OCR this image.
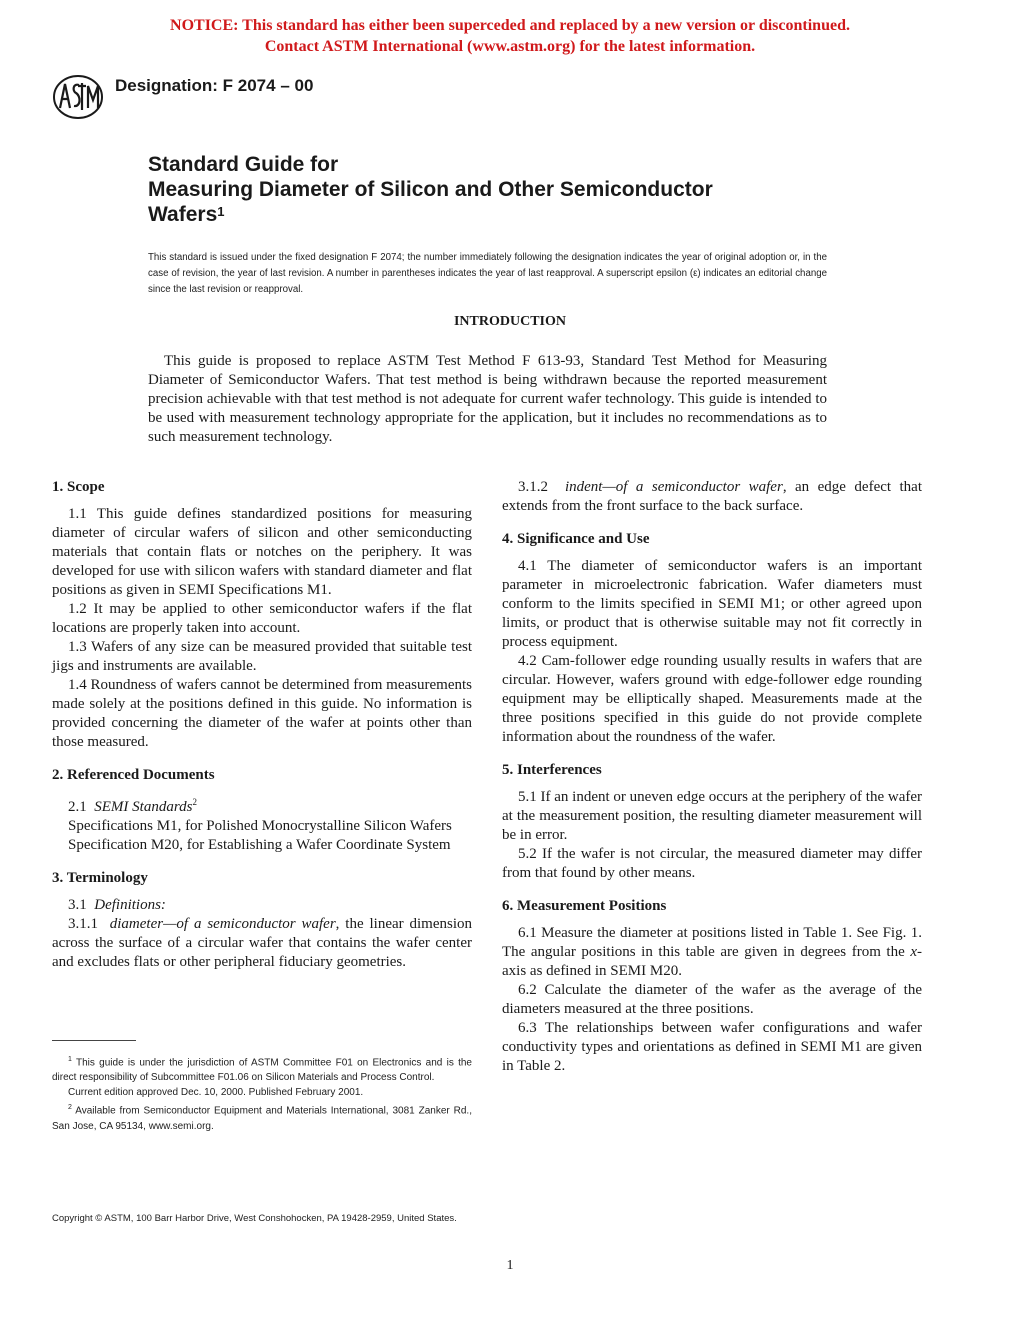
NOTICE: This standard has either been superceded and replaced by a new version or discontinued.
Contact ASTM International (www.astm.org) for the latest information.
Designation: F 2074 – 00
Standard Guide for
Measuring Diameter of Silicon and Other Semiconductor
Wafers$^1$
This standard is issued under the fixed designation F 2074; the number immediately following the designation indicates the year of original adoption or, in the case of revision, the year of last revision. A number in parentheses indicates the year of last reapproval. A superscript epsilon (ε) indicates an editorial change since the last revision or reapproval.
INTRODUCTION
This guide is proposed to replace ASTM Test Method F 613-93, Standard Test Method for Measuring Diameter of Semiconductor Wafers. That test method is being withdrawn because the reported measurement precision achievable with that test method is not adequate for current wafer technology. This guide is intended to be used with measurement technology appropriate for the application, but it includes no recommendations as to such measurement technology.
1. Scope

1.1 This guide defines standardized positions for measuring diameter of circular wafers of silicon and other semiconducting materials that contain flats or notches on the periphery. It was developed for use with silicon wafers with standard diameter and flat positions as given in SEMI Specifications M1.

1.2 It may be applied to other semiconductor wafers if the flat locations are properly taken into account.

1.3 Wafers of any size can be measured provided that suitable test jigs and instruments are available.

1.4 Roundness of wafers cannot be determined from measurements made solely at the positions defined in this guide. No information is provided concerning the diameter of the wafer at points other than those measured.

2. Referenced Documents

2.1 SEMI Standards$^2$

Specifications M1, for Polished Monocrystalline Silicon Wafers

Specification M20, for Establishing a Wafer Coordinate System

3. Terminology

3.1 Definitions:

3.1.1 diameter—of a semiconductor wafer, the linear dimension across the surface of a circular wafer that contains the wafer center and excludes flats or other peripheral fiduciary geometries.

3.1.2 indent—of a semiconductor wafer, an edge defect that extends from the front surface to the back surface.

4. Significance and Use

4.1 The diameter of semiconductor wafers is an important parameter in microelectronic fabrication. Wafer diameters must conform to the limits specified in SEMI M1; or other agreed upon limits, or product that is otherwise suitable may not fit correctly in process equipment.

4.2 Cam-follower edge rounding usually results in wafers that are circular. However, wafers ground with edge-follower edge rounding equipment may be elliptically shaped. Measurements made at the three positions specified in this guide do not provide complete information about the roundness of the wafer.

5. Interferences

5.1 If an indent or uneven edge occurs at the periphery of the wafer at the measurement position, the resulting diameter measurement will be in error.

5.2 If the wafer is not circular, the measured diameter may differ from that found by other means.

6. Measurement Positions

6.1 Measure the diameter at positions listed in Table 1. See Fig. 1. The angular positions in this table are given in degrees from the x-axis as defined in SEMI M20.

6.2 Calculate the diameter of the wafer as the average of the diameters measured at the three positions.

6.3 The relationships between wafer configurations and wafer conductivity types and orientations as defined in SEMI M1 are given in Table 2.

$^1$ This guide is under the jurisdiction of ASTM Committee F01 on Electronics and is the direct responsibility of Subcommittee F01.06 on Silicon Materials and Process Control.

Current edition approved Dec. 10, 2000. Published February 2001.

$^2$ Available from Semiconductor Equipment and Materials International, 3081 Zanker Rd., San Jose, CA 95134, www.semi.org.

Copyright © ASTM, 100 Barr Harbor Drive, West Conshohocken, PA 19428-2959, United States.
1
